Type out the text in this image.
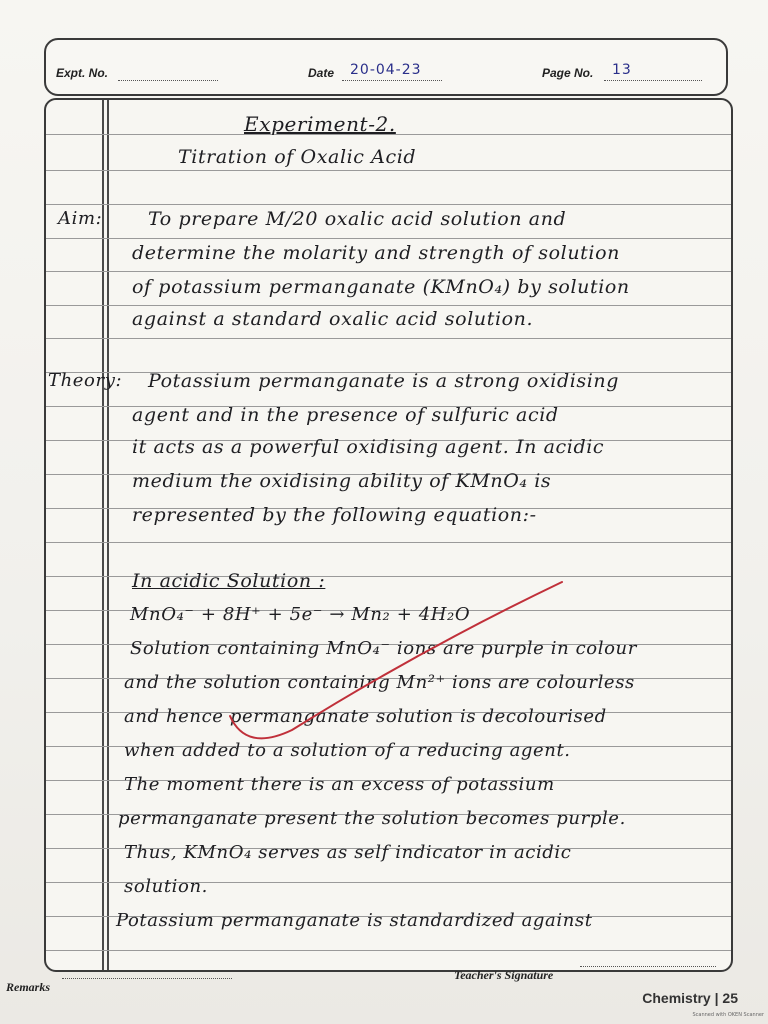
Expt. No.	Date 20-04-23	Page No. 13
Experiment-2.
Titration of Oxalic Acid
Aim: To prepare M/20 oxalic acid solution and
determine the molarity and strength of solution
of potassium permanganate (KMnO₄) by solution
against a standard oxalic acid solution.
Theory: Potassium permanganate is a strong oxidising
agent and in the presence of sulfuric acid
it acts as a powerful oxidising agent. In acidic
medium the oxidising ability of KMnO₄ is
represented by the following equation:-
In acidic Solution :
MnO₄⁻ + 8H⁺ + 5e⁻ → Mn₂ + 4H₂O
Solution containing MnO₄⁻ ions are purple in colour
and the solution containing Mn²⁺ ions are colourless
and hence permanganate solution is decolourised
when added to a solution of a reducing agent.
The moment there is an excess of potassium
permanganate present the solution becomes purple.
Thus, KMnO₄ serves as self indicator in acidic
solution.
Potassium permanganate is standardized against
Remarks
Teacher's Signature
Chemistry | 25
Scanned with OKEN Scanner
